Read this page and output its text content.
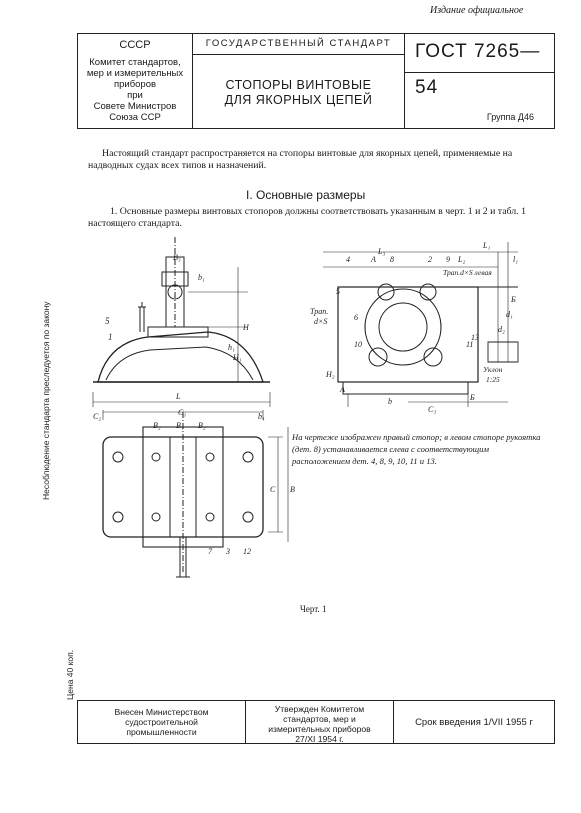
Издание официальное
Несоблюдение стандарта преследуется по закону
Цена 40 коп.
СССР
Комитет стандартов,
мер и измерительных
приборов
при
Совете Министров
Союза ССР
ГОСУДАРСТВЕННЫЙ СТАНДАРТ
СТОПОРЫ ВИНТОВЫЕ
ДЛЯ ЯКОРНЫХ ЦЕПЕЙ
ГОСТ 7265—54
Группа Д46
Настоящий стандарт распространяется на стопоры винтовые для якорных цепей, применяемые на надводных судах всех типов и назначений.
I. Основные размеры
1. Основные размеры винтовых стопоров должны соответствовать указанным в черт. 1 и 2 и табл. 1 настоящего стандарта.
5
1
B₃
b₁
h₁
H
H₁
L
C₂	C₁
B₂ B₁ B₂
b₁
C B
7 3 12
L₁
L₂
L₃
4	A 8	2 9
Трап.d×S левая
Б
l₁
d₁
d₂
Трап.
d×S	6
10	11
13
Уклон
1:25
H₂
b
C₃
5
A
Б
На чертеже изображен правый стопор; в левом стопоре рукоятка (дет. 8) устанавливается слева с соответствующим расположением дет. 4, 8, 9, 10, 11 и 13.
Черт. 1
Внесен Министерством
судостроительной
промышленности
Утвержден Комитетом
стандартов, мер и
измерительных приборов
27/XI 1954 г.
Срок введения 1/VII 1955 г
